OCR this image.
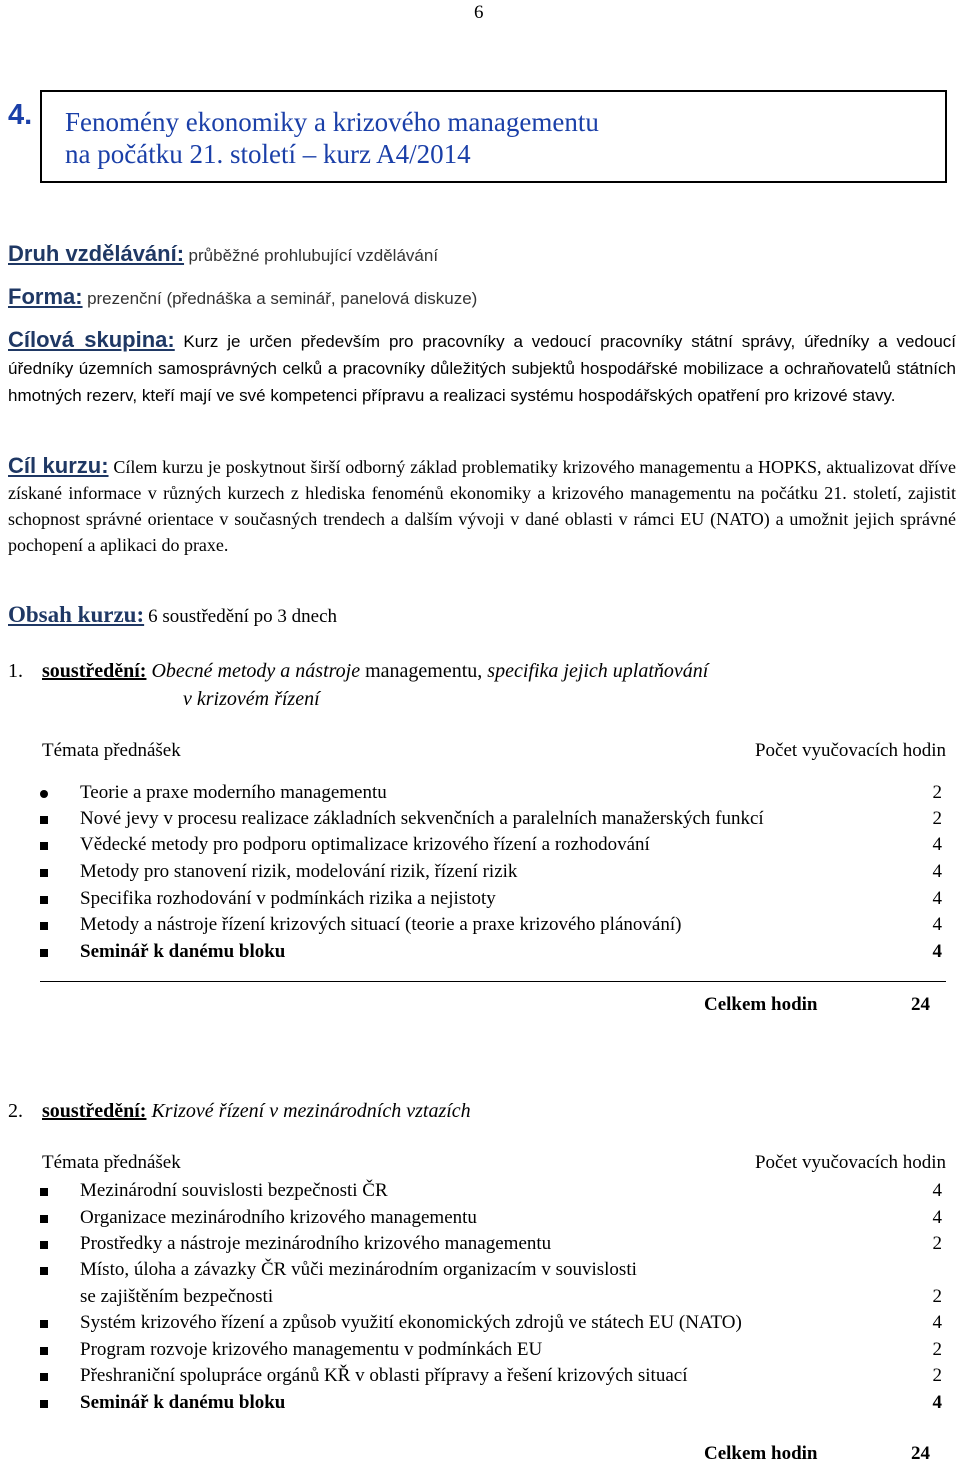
6
4. Fenomény ekonomiky a krizového managementu
na počátku 21. století – kurz A4/2014
Druh vzdělávání: průběžné prohlubující vzdělávání
Forma: prezenční (přednáška a seminář, panelová diskuze)
Cílová skupina: Kurz je určen především pro pracovníky a vedoucí pracovníky státní správy, úředníky a vedoucí úředníky územních samosprávných celků a pracovníky důležitých subjektů hospodářské mobilizace a ochraňovatelů státních hmotných rezerv, kteří mají ve své kompetenci přípravu a realizaci systému hospodářských opatření pro krizové stavy.
Cíl kurzu: Cílem kurzu je poskytnout širší odborný základ problematiky krizového managementu a HOPKS, aktualizovat dříve získané informace v různých kurzech z hlediska fenoménů ekonomiky a krizového managementu na počátku 21. století, zajistit schopnost správné orientace v současných trendech a dalším vývoji v dané oblasti v rámci EU (NATO) a umožnit jejich správné pochopení a aplikaci do praxe.
Obsah kurzu: 6 soustředění po 3 dnech
1. soustředění: Obecné metody a nástroje managementu, specifika jejich uplatňování
v krizovém řízení
Témata přednášek	Počet vyučovacích hodin
Teorie a praxe moderního managementu	2
Nové jevy v procesu realizace základních sekvenčních a paralelních manažerských funkcí	2
Vědecké metody pro podporu optimalizace krizového řízení a rozhodování	4
Metody pro stanovení rizik, modelování rizik, řízení rizik	4
Specifika rozhodování v podmínkách rizika a nejistoty	4
Metody a nástroje řízení krizových situací (teorie a praxe krizového plánování)	4
Seminář k danému bloku	4
Celkem hodin	24
2. soustředění: Krizové řízení v mezinárodních vztazích
Témata přednášek	Počet vyučovacích hodin
Mezinárodní souvislosti bezpečnosti ČR	4
Organizace mezinárodního krizového managementu	4
Prostředky a nástroje mezinárodního krizového managementu	2
Místo, úloha a závazky ČR vůči mezinárodním organizacím v souvislosti
se zajištěním bezpečnosti	2
Systém krizového řízení a způsob využití ekonomických zdrojů ve státech EU (NATO)	4
Program rozvoje krizového managementu v podmínkách EU	2
Přeshraniční spolupráce orgánů KŘ v oblasti přípravy a řešení krizových situací	2
Seminář k danému bloku	4
Celkem hodin	24
